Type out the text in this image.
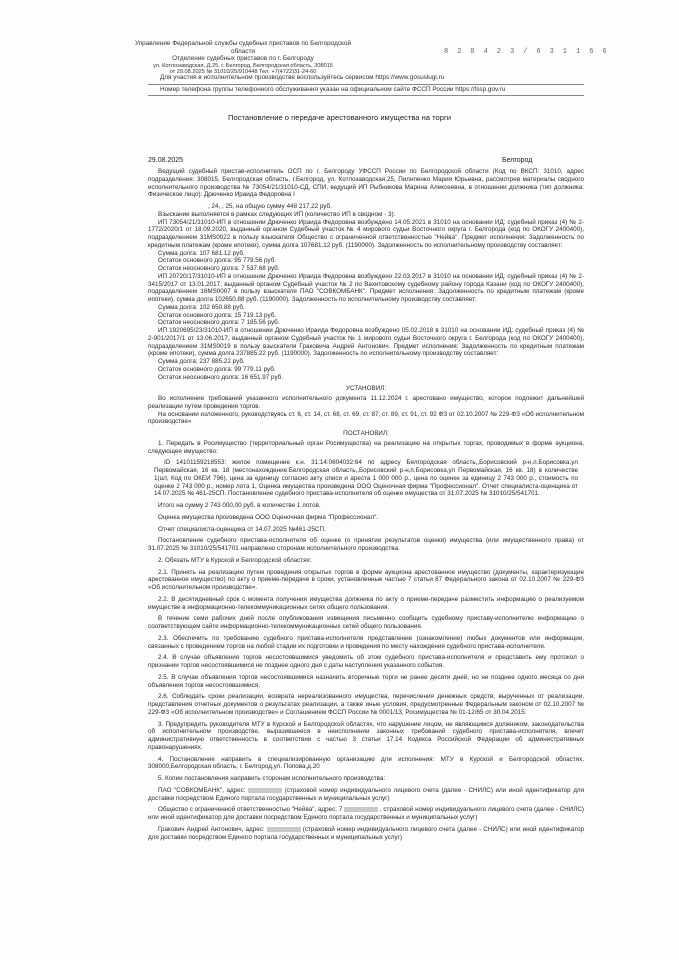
Управление Федеральной службы судебных приставов по Белгородской
области
Отделение судебных приставов по г. Белгороду
ул. Котлозаводская, Д.25, г. Белгород, Белгородская область, 308015
от 29.08.2025 № 31010/25/910448 Тел. +7(4722)31-24-60
8 2 8 4 2 3 / 6 3 1 1 6 6
Для участия в исполнительном производстве воспользуйтесь сервисом https://www.gosuslugi.ru
Номер телефона группы телефонного обслуживания указан на официальном сайте ФССП России https://fssp.gov.ru
Постановление о передаче арестованного имущества на торги
29.08.2025	Белгород

Ведущий судебный пристав-исполнитель ОСП по г. Белгороду УФССП России по Белгородской области (Код по ВКСП: 31010, адрес подразделения: 308015, Белгородская область, г.Белгород, ул. Котлозаводская,25, Пилипенко Мария Юрьевна, рассмотрев материалы сводного исполнительного производства № 73054/21/31010-СД, СПИ, ведущий ИП Рыбникова Марина Алексеевна, в отношении должника (тип должника: Физическое лицо): Дрюченко Ираида Федоровна I

, 24, , 25, на общую сумму 448 217,22 руб.

Взыскание выполняется в рамках следующих ИП (количество ИП в сводном - 3):

ИП 73054/21/31010-ИП в отношении Дрюченко Ираида Федоровна возбуждено 14.05.2021 в 31010 на основании ИД: судебный приказ (4) № 2-1772/2020/1 от 18.09.2020, выданный органом Судебный участок № 4 мирового судьи Восточного округа г. Белгорода (код по ОКОГУ 2400400), подразделением 31МS0022 в пользу взыскателя Общество с ограниченной ответственностью "Нейва". Предмет исполнения: Задолженность по кредитным платежам (кроме ипотеки), сумма долга 107681.12 руб. (1190000). Задолженность по исполнительному производству составляет:

Сумма долга: 107 681.12 руб.

Остаток основного долга: 95 779.56 руб.

Остаток неосновного долга: 7 537.68 руб.

ИП 20720/17/31010-ИП в отношении Дрюченко Ираида Федоровна возбуждено 22.03.2017 в 31010 на основании ИД: судебный приказ (4) № 2-3415/2017 от 13.01.2017, выданный органом Судебный участок № 2 по Вахитовскому судебному району города Казани (код по ОКОГУ 2400400), подразделением 16МS0007 в пользу взыскателя ПАО "СОВКОМБАНК". Предмет исполнения: Задолженность по кредитным платежам (кроме ипотеки), сумма долга 102650.88 руб. (1190000). Задолженность по исполнительному производству составляет:

Сумма долга: 102 650.88 руб.

Остаток основного долга: 15 719.13 руб.

Остаток неосновного долга: 7 185.56 руб.

ИП 1920695/23/31010-ИП в отношении Дрюченко Ираида Федоровна возбуждено 05.02.2018 в 31010 на основании ИД: судебный приказ (4) № 2-901/2017/1 от 13.06.2017, выданный органом Судебный участок № 1 мирового судьи Восточного округа г. Белгорода (код по ОКОГУ 2400400), подразделением 31МS0019 в пользу взыскателя Граковича Андрей Антонович. Предмет исполнения: Задолженность по кредитным платежам (кроме ипотеки), сумма долга 237885.22 руб. (1190000). Задолженность по исполнительному производству составляет:

Сумма долга: 237 885.22 руб.

Остаток основного долга: 99 779.11 руб.

Остаток неосновного долга: 16 651.97 руб.

УСТАНОВИЛ:

Во исполнение требований указанного исполнительного документа 11.12.2024 г. арестовано имущество, которое подлежит дальнейшей реализации путем проведения торгов.

На основании изложенного, руководствуясь ст. 6, ст. 14, ст. 68, ст. 69, ст. 87, ст. 89, ст. 91, ст. 92 ФЗ от 02.10.2007 № 229-ФЗ «Об исполнительном производстве»

ПОСТАНОВИЛ:

1. Передать в Росимущество (территориальный орган Росимущества) на реализацию на открытых торгах, проводимых в форме аукциона, следующее имущество:

ID 14101159218553: жилое помещение к.н. 31:14:0604032:64 по адресу Белгородская область,,Борисовский р-н,п.Борисовка,ул Первомайская, 16 кв. 18 (местонахождение:Белгородская область,,Борисовский р-н,п.Борисовка,ул Первомайская, 16 кв. 18) в количестве 1(шт, Код по ОКЕИ 796), цена за единицу согласно акту описи и ареста 1 000 000 р., цена по оценке за единицу 2 743 000 р., стоимость по оценке 2 743 000 р., номер лота 1, Оценка имущества произведена ООО Оценочная фирма "Профессионал". Отчет специалиста-оценщика от 14.07.2025 № 461-25СП. Постановление судебного пристава-исполнителя об оценке имущества от 31.07.2025 № 31010/25/541701.

Итого на сумму 2 743 000,00 руб. в количестве 1 лотов.

Оценка имущества произведена ООО Оценочная фирма "Профессионал".

Отчет специалиста-оценщика от 14.07.2025 №461-25СП.

Постановление судебного пристава-исполнителя об оценке (о принятии результатов оценки) имущества (или имущественного права) от 31.07.2025 № 31010/25/541701 направлено сторонам исполнительного производства.

2. Обязать МТУ в Курской и Белгородской областях:

2.1. Принять на реализацию путем проведения открытых торгов в форме аукциона арестованное имущество (документы, характеризующие арестованное имущество) по акту о приеме-передаче в сроки, установленные частью 7 статьи 87 Федерального закона от 02.10.2007 № 229-ФЗ «Об исполнительном производстве».

2.2. В десятидневный срок с момента получения имущества должника по акту о приеме-передаче разместить информацию о реализуемом имуществе в информационно-телекоммуникационных сетях общего пользования.

В течение семи рабочих дней после опубликования извещения письменно сообщить судебному приставу-исполнителю информацию о соответствующем сайте информационно-телекоммуникационных сетей общего пользования.

2.3. Обеспечить по требованию судебного пристава-исполнителя представление (ознакомление) любых документов или информации, связанных с проведением торгов на любой стадии их подготовки и проведения по месту нахождения судебного пристава-исполнителя.

2.4. В случае объявления торгов несостоявшимися уведомить об этом судебного пристава-исполнителя и представить ему протокол о признании торгов несостоявшимися не позднее одного дня с даты наступления указанного события.

2.5. В случае объявления торгов несостоявшимися назначить вторичные торги не ранее десяти дней, но не позднее одного месяца со дня объявления торгов несостоявшимися.

2.6. Соблюдать сроки реализации, возврата нереализованного имущества, перечисления денежных средств, вырученных от реализации, представления отчетных документов о результатах реализации, а также иные условия, предусмотренные Федеральным законом от 02.10.2007 № 229-ФЗ «Об исполнительном производстве» и Соглашением ФССП России № 0001/13, Росимущества № 01-12/65 от 30.04.2015.

3. Предупредить руководителя МТУ в Курской и Белгородской областях, что нарушение лицом, не являющимся должником, законодательства об исполнительном производстве, выразившееся в неисполнении законных требований судебного пристава-исполнителя, влечет административную ответственность в соответствии с частью 3 статьи 17.14 Кодекса Российской Федерации об административных правонарушениях.

4. Постановление направить в специализированную организацию для исполнения: МТУ в Курской и Белгородской областях, 308000,Белгородская область, г. Белгород,ул. Попова,д.20

5. Копии постановления направить сторонам исполнительного производства:

ПАО "СОВКОМБАНК", адрес:	(страховой номер индивидуального лицевого счета (далее - СНИЛС) или иной идентификатор для доставки посредством Единого портала государственных и муниципальных услуг)

Общество с ограниченной ответственностью "Нейва", адрес: 7	, страховой номер индивидуального лицевого счета (далее - СНИЛС) или иной идентификатор для доставки посредством Единого портала государственных и муниципальных услуг)

Гракович Андрей Антонович, адрес:	(страховой номер индивидуального лицевого счета (далее - СНИЛС) или иной идентификатор для доставки посредством Единого портала государственных и муниципальных услуг)
